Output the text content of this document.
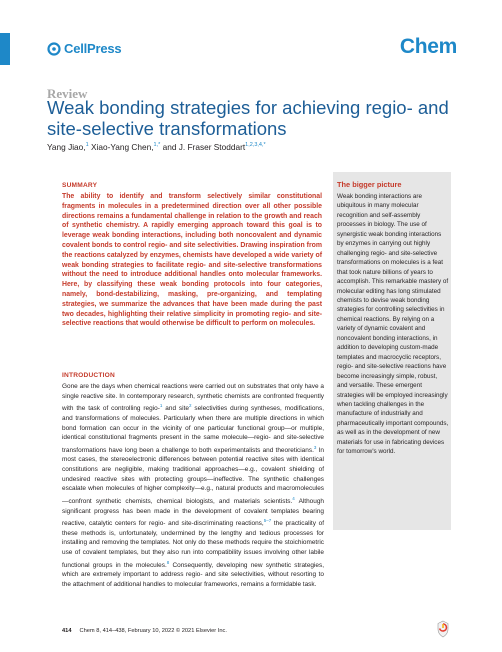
CellPress	Chem
Review
Weak bonding strategies for achieving regio- and site-selective transformations
Yang Jiao,$^1$ Xiao-Yang Chen,$^{1,*}$ and J. Fraser Stoddart$^{1,2,3,4,*}$
SUMMARY

The ability to identify and transform selectively similar constitutional fragments in molecules in a predetermined direction over all other possible directions remains a fundamental challenge in relation to the growth and reach of synthetic chemistry. A rapidly emerging approach toward this goal is to leverage weak bonding interactions, including both noncovalent and dynamic covalent bonds to control regio- and site selectivities. Drawing inspiration from the reactions catalyzed by enzymes, chemists have developed a wide variety of weak bonding strategies to facilitate regio- and site-selective transformations without the need to introduce additional handles onto molecular frameworks. Here, by classifying these weak bonding protocols into four categories, namely, bond-destabilizing, masking, pre-organizing, and templating strategies, we summarize the advances that have been made during the past two decades, highlighting their relative simplicity in promoting regio- and site-selective reactions that would otherwise be difficult to perform on molecules.

INTRODUCTION

Gone are the days when chemical reactions were carried out on substrates that only have a single reactive site. In contemporary research, synthetic chemists are confronted frequently with the task of controlling regio-$^1$ and site$^2$ selectivities during syntheses, modifications, and transformations of molecules. Particularly when there are multiple directions in which bond formation can occur in the vicinity of one particular functional group—or multiple, identical constitutional fragments present in the same molecule—regio- and site-selective transformations have long been a challenge to both experimentalists and theoreticians.$^3$ In most cases, the stereoelectronic differences between potential reactive sites with identical constitutions are negligible, making traditional approaches—e.g., covalent shielding of undesired reactive sites with protecting groups—ineffective. The synthetic challenges escalate when molecules of higher complexity—e.g., natural products and macromolecules—confront synthetic chemists, chemical biologists, and materials scientists.$^4$ Although significant progress has been made in the development of covalent templates bearing reactive, catalytic centers for regio- and site-discriminating reactions,$^{5-7}$ the practicality of these methods is, unfortunately, undermined by the lengthy and tedious processes for installing and removing the templates. Not only do these methods require the stoichiometric use of covalent templates, but they also run into compatibility issues involving other labile functional groups in the molecules.$^8$ Consequently, developing new synthetic strategies, which are extremely important to address regio- and site selectivities, without resorting to the attachment of additional handles to molecular frameworks, remains a formidable task.

The bigger picture

Weak bonding interactions are ubiquitous in many molecular recognition and self-assembly processes in biology. The use of synergistic weak bonding interactions by enzymes in carrying out highly challenging regio- and site-selective transformations on molecules is a feat that took nature billions of years to accomplish. This remarkable mastery of molecular editing has long stimulated chemists to devise weak bonding strategies for controlling selectivities in chemical reactions. By relying on a variety of dynamic covalent and noncovalent bonding interactions, in addition to developing custom-made templates and macrocyclic receptors, regio- and site-selective reactions have become increasingly simple, robust, and versatile. These emergent strategies will be employed increasingly when tackling challenges in the manufacture of industrially and pharmaceutically important compounds, as well as in the development of new materials for use in fabricating devices for tomorrow's world.

414 Chem 8, 414–438, February 10, 2022 © 2021 Elsevier Inc.
